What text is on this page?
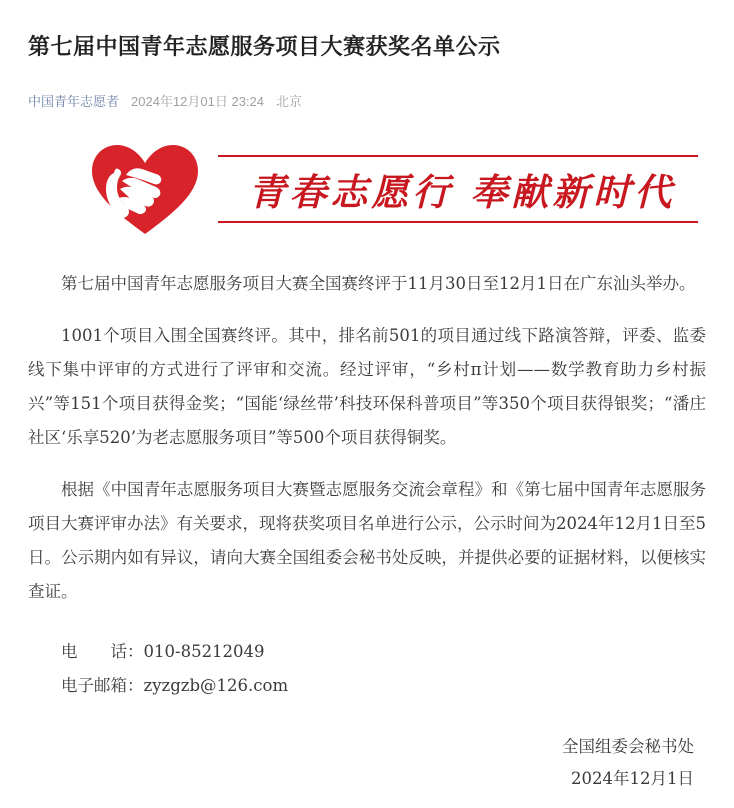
第七届中国青年志愿服务项目大赛获奖名单公示
中国青年志愿者 2024年12月01日 23:24 北京
青春志愿行 奉献新时代

第七届中国青年志愿服务项目大赛全国赛终评于11月30日至12月1日在广东汕头举办。

1001个项目入围全国赛终评。其中，排名前501的项目通过线下路演答辩，评委、监委线下集中评审的方式进行了评审和交流。经过评审，“乡村π计划——数学教育助力乡村振兴”等151个项目获得金奖；“国能‘绿丝带’科技环保科普项目”等350个项目获得银奖；“潘庄社区‘乐享520’为老志愿服务项目”等500个项目获得铜奖。

根据《中国青年志愿服务项目大赛暨志愿服务交流会章程》和《第七届中国青年志愿服务项目大赛评审办法》有关要求，现将获奖项目名单进行公示，公示时间为2024年12月1日至5日。公示期内如有异议，请向大赛全国组委会秘书处反映，并提供必要的证据材料，以便核实查证。

电　　话：010-85212049
电子邮箱：zyzgzb@126.com
全国组委会秘书处
2024年12月1日
